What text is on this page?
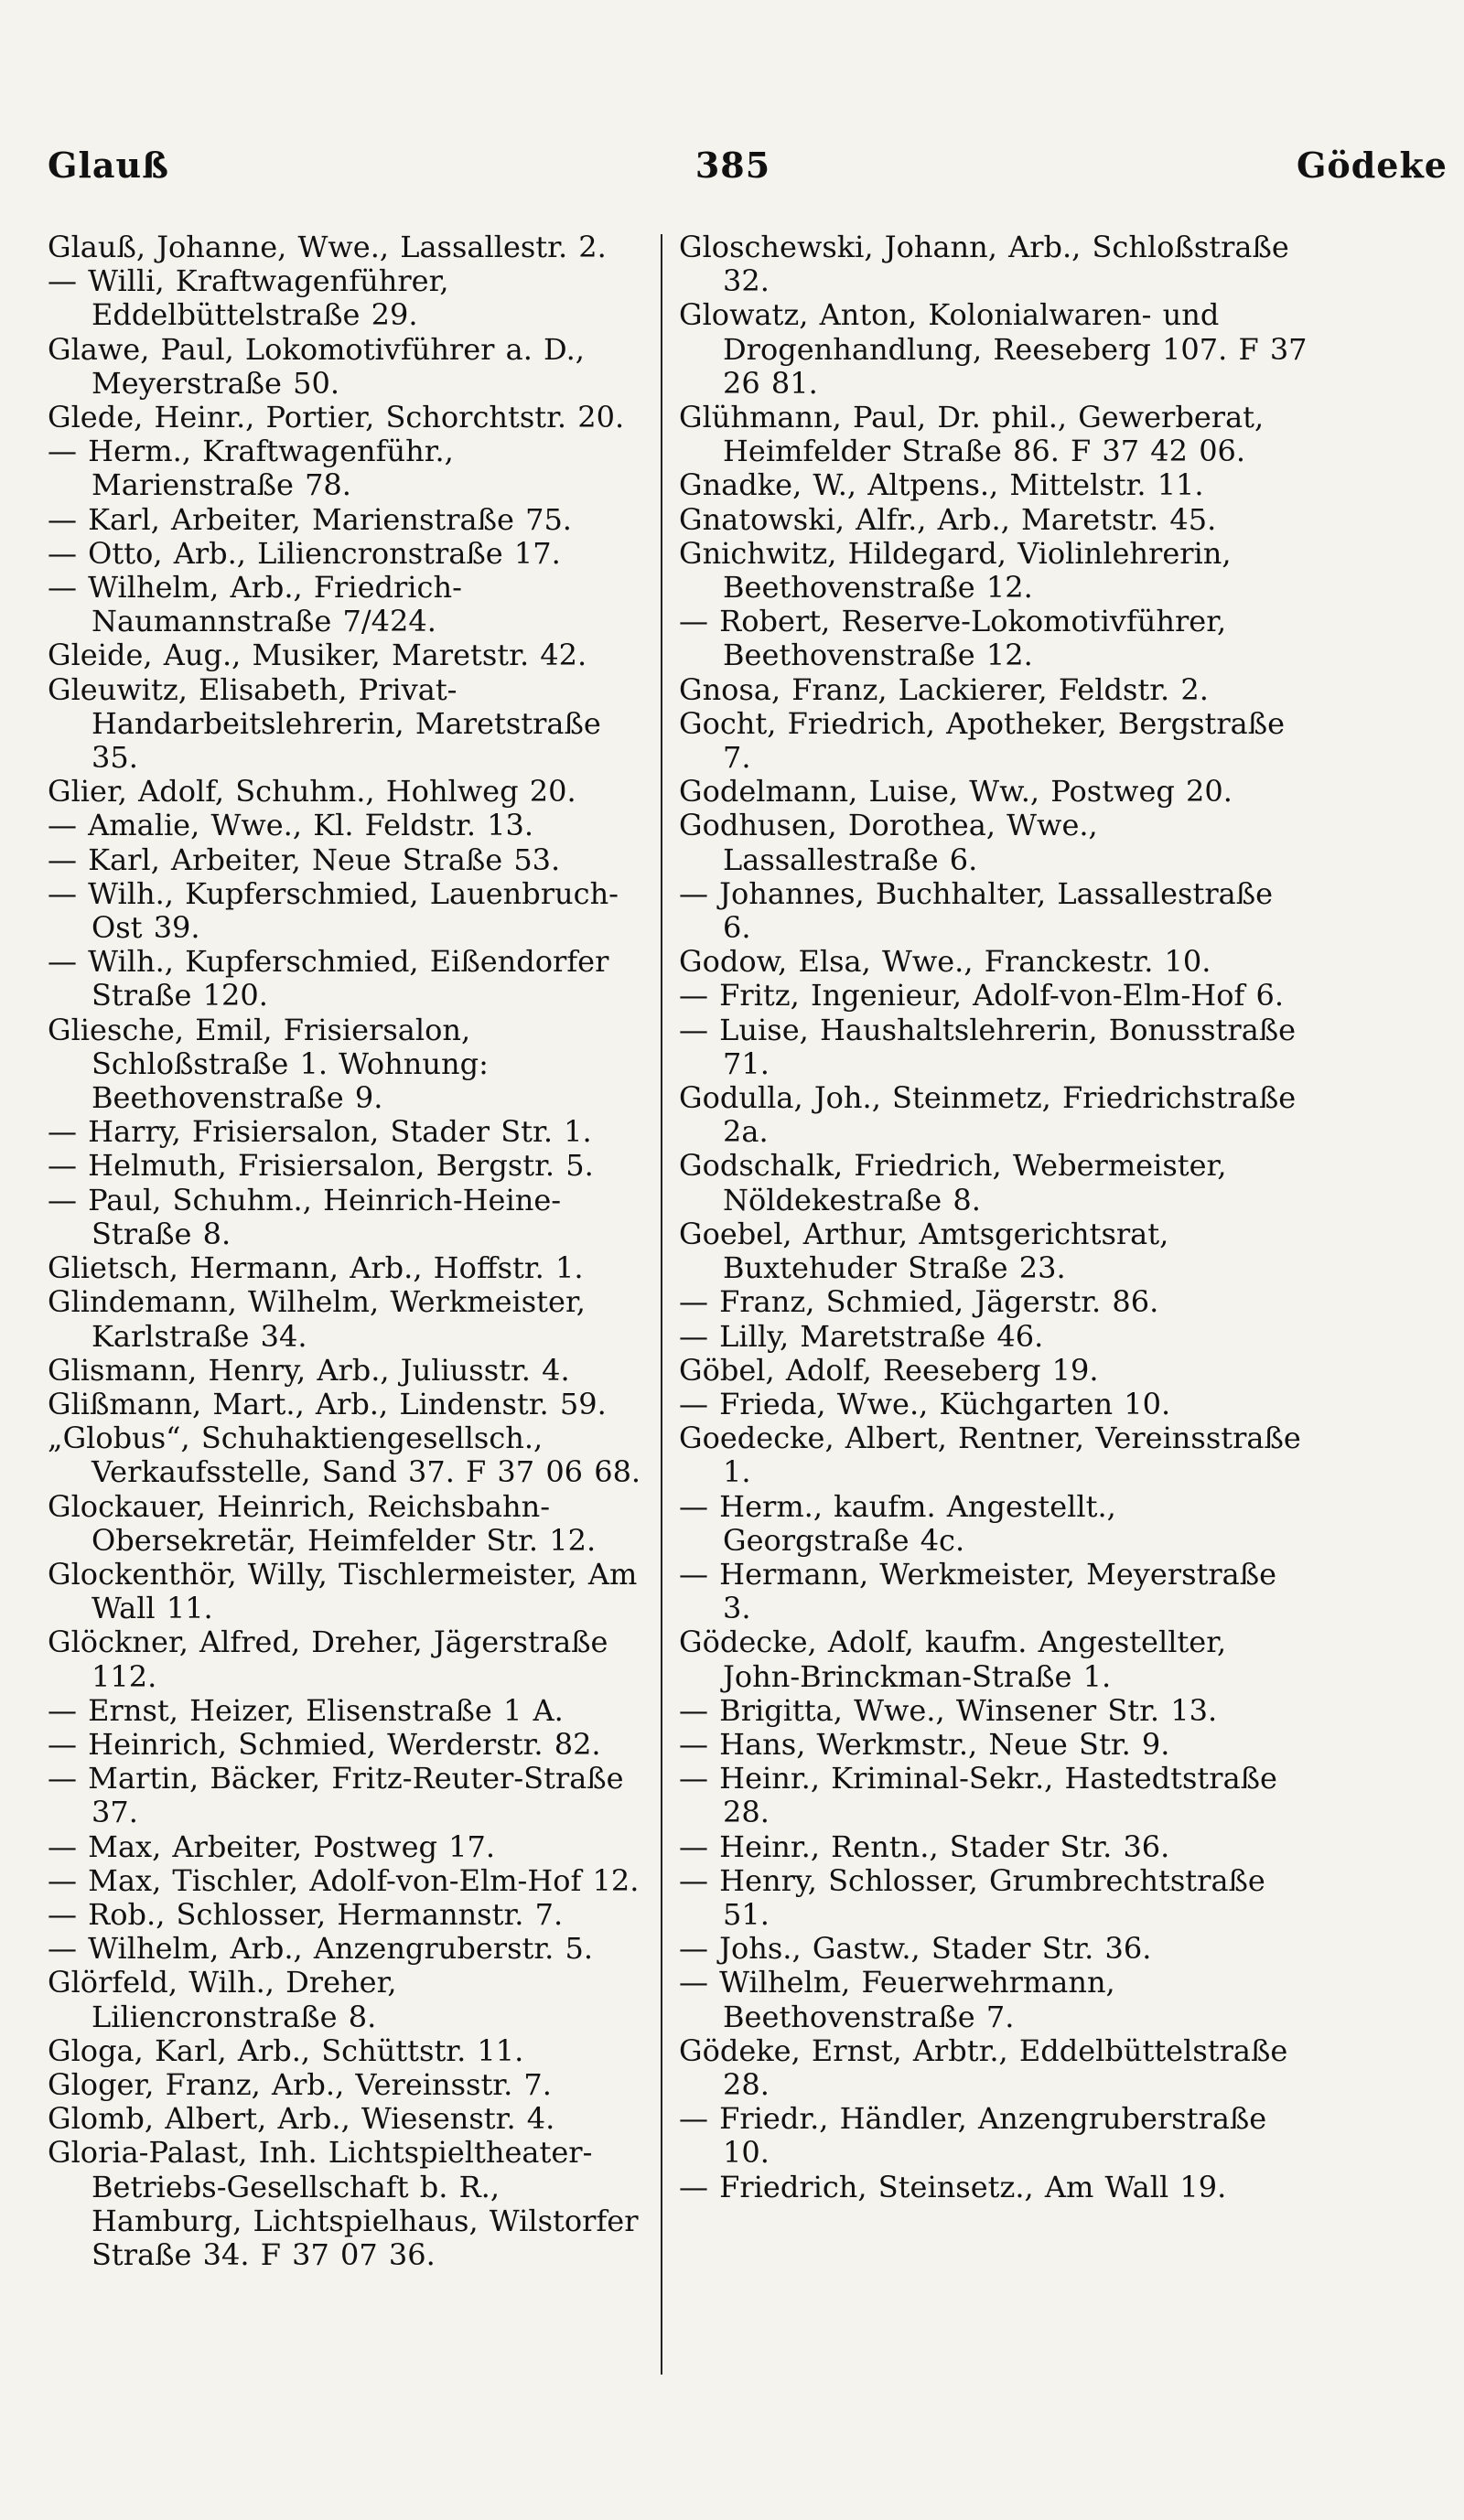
Glauß	385	Gödeke

Glauß, Johanne, Wwe., Lassallestr. 2.

— Willi, Kraftwagenführer, Eddelbüttelstraße 29.

Glawe, Paul, Lokomotivführer a. D., Meyerstraße 50.

Glede, Heinr., Portier, Schorchtstr. 20.

— Herm., Kraftwagenführ., Marienstraße 78.

— Karl, Arbeiter, Marienstraße 75.

— Otto, Arb., Liliencronstraße 17.

— Wilhelm, Arb., Friedrich-Naumannstraße 7/424.

Gleide, Aug., Musiker, Maretstr. 42.

Gleuwitz, Elisabeth, Privat-Handarbeitslehrerin, Maretstraße 35.

Glier, Adolf, Schuhm., Hohlweg 20.

— Amalie, Wwe., Kl. Feldstr. 13.

— Karl, Arbeiter, Neue Straße 53.

— Wilh., Kupferschmied, Lauenbruch-Ost 39.

— Wilh., Kupferschmied, Eißendorfer Straße 120.

Gliesche, Emil, Frisiersalon, Schloßstraße 1. Wohnung: Beethovenstraße 9.

— Harry, Frisiersalon, Stader Str. 1.

— Helmuth, Frisiersalon, Bergstr. 5.

— Paul, Schuhm., Heinrich-Heine-Straße 8.

Glietsch, Hermann, Arb., Hoffstr. 1.

Glindemann, Wilhelm, Werkmeister, Karlstraße 34.

Glismann, Henry, Arb., Juliusstr. 4.

Glißmann, Mart., Arb., Lindenstr. 59.

„Globus“, Schuhaktiengesellsch., Verkaufsstelle, Sand 37. F 37 06 68.

Glockauer, Heinrich, Reichsbahn-Obersekretär, Heimfelder Str. 12.

Glockenthör, Willy, Tischlermeister, Am Wall 11.

Glöckner, Alfred, Dreher, Jägerstraße 112.

— Ernst, Heizer, Elisenstraße 1 A.

— Heinrich, Schmied, Werderstr. 82.

— Martin, Bäcker, Fritz-Reuter-Straße 37.

— Max, Arbeiter, Postweg 17.

— Max, Tischler, Adolf-von-Elm-Hof 12.

— Rob., Schlosser, Hermannstr. 7.

— Wilhelm, Arb., Anzengruberstr. 5.

Glörfeld, Wilh., Dreher, Liliencronstraße 8.

Gloga, Karl, Arb., Schüttstr. 11.

Gloger, Franz, Arb., Vereinsstr. 7.

Glomb, Albert, Arb., Wiesenstr. 4.

Gloria-Palast, Inh. Lichtspieltheater-Betriebs-Gesellschaft b. R., Hamburg, Lichtspielhaus, Wilstorfer Straße 34. F 37 07 36.

Gloschewski, Johann, Arb., Schloßstraße 32.

Glowatz, Anton, Kolonialwaren- und Drogenhandlung, Reeseberg 107. F 37 26 81.

Glühmann, Paul, Dr. phil., Gewerberat, Heimfelder Straße 86. F 37 42 06.

Gnadke, W., Altpens., Mittelstr. 11.

Gnatowski, Alfr., Arb., Maretstr. 45.

Gnichwitz, Hildegard, Violinlehrerin, Beethovenstraße 12.

— Robert, Reserve-Lokomotivführer, Beethovenstraße 12.

Gnosa, Franz, Lackierer, Feldstr. 2.

Gocht, Friedrich, Apotheker, Bergstraße 7.

Godelmann, Luise, Ww., Postweg 20.

Godhusen, Dorothea, Wwe., Lassallestraße 6.

— Johannes, Buchhalter, Lassallestraße 6.

Godow, Elsa, Wwe., Franckestr. 10.

— Fritz, Ingenieur, Adolf-von-Elm-Hof 6.

— Luise, Haushaltslehrerin, Bonusstraße 71.

Godulla, Joh., Steinmetz, Friedrichstraße 2a.

Godschalk, Friedrich, Webermeister, Nöldekestraße 8.

Goebel, Arthur, Amtsgerichtsrat, Buxtehuder Straße 23.

— Franz, Schmied, Jägerstr. 86.

— Lilly, Maretstraße 46.

Göbel, Adolf, Reeseberg 19.

— Frieda, Wwe., Küchgarten 10.

Goedecke, Albert, Rentner, Vereinsstraße 1.

— Herm., kaufm. Angestellt., Georgstraße 4c.

— Hermann, Werkmeister, Meyerstraße 3.

Gödecke, Adolf, kaufm. Angestellter, John-Brinckman-Straße 1.

— Brigitta, Wwe., Winsener Str. 13.

— Hans, Werkmstr., Neue Str. 9.

— Heinr., Kriminal-Sekr., Hastedtstraße 28.

— Heinr., Rentn., Stader Str. 36.

— Henry, Schlosser, Grumbrechtstraße 51.

— Johs., Gastw., Stader Str. 36.

— Wilhelm, Feuerwehrmann, Beethovenstraße 7.

Gödeke, Ernst, Arbtr., Eddelbüttelstraße 28.

— Friedr., Händler, Anzengruberstraße 10.

— Friedrich, Steinsetz., Am Wall 19.
